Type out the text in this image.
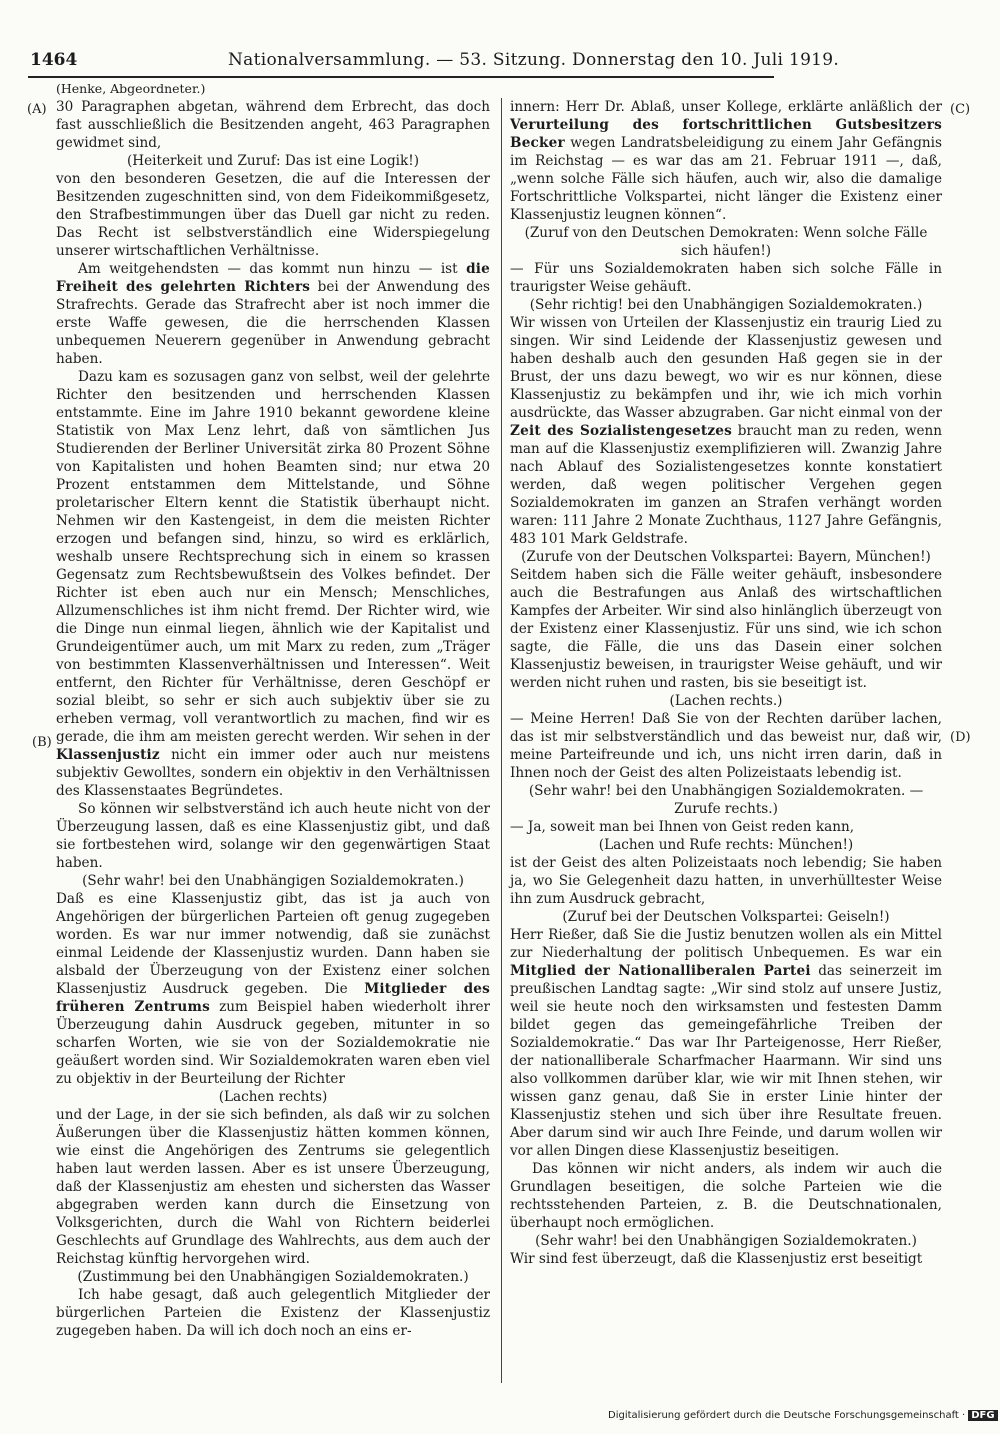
1464	Nationalversammlung. — 53. Sitzung. Donnerstag den 10. Juli 1919.
(A)
(B)
(C)
(D)

(Henke, Abgeordneter.)

30 Paragraphen abgetan, während dem Erbrecht, das doch fast ausschließlich die Besitzenden angeht, 463 Paragraphen gewidmet sind,

(Heiterkeit und Zuruf: Das ist eine Logik!)

von den besonderen Gesetzen, die auf die Interessen der Besitzenden zugeschnitten sind, von dem Fideikommißgesetz, den Strafbestimmungen über das Duell gar nicht zu reden. Das Recht ist selbstverständlich eine Widerspiegelung unserer wirtschaftlichen Verhältnisse.

Am weitgehendsten — das kommt nun hinzu — ist die Freiheit des gelehrten Richters bei der Anwendung des Strafrechts. Gerade das Strafrecht aber ist noch immer die erste Waffe gewesen, die die herrschenden Klassen unbequemen Neuerern gegenüber in Anwendung gebracht haben.

Dazu kam es sozusagen ganz von selbst, weil der gelehrte Richter den besitzenden und herrschenden Klassen entstammte. Eine im Jahre 1910 bekannt gewordene kleine Statistik von Max Lenz lehrt, daß von sämtlichen Jus Studierenden der Berliner Universität zirka 80 Prozent Söhne von Kapitalisten und hohen Beamten sind; nur etwa 20 Prozent entstammen dem Mittelstande, und Söhne proletarischer Eltern kennt die Statistik überhaupt nicht. Nehmen wir den Kastengeist, in dem die meisten Richter erzogen und befangen sind, hinzu, so wird es erklärlich, weshalb unsere Rechtsprechung sich in einem so krassen Gegensatz zum Rechtsbewußtsein des Volkes befindet. Der Richter ist eben auch nur ein Mensch; Menschliches, Allzumenschliches ist ihm nicht fremd. Der Richter wird, wie die Dinge nun einmal liegen, ähnlich wie der Kapitalist und Grundeigentümer auch, um mit Marx zu reden, zum „Träger von bestimmten Klassenverhältnissen und Interessen“. Weit entfernt, den Richter für Verhältnisse, deren Geschöpf er sozial bleibt, so sehr er sich auch subjektiv über sie zu erheben vermag, voll verantwortlich zu machen, find wir es gerade, die ihm am meisten gerecht werden. Wir sehen in der Klassenjustiz nicht ein immer oder auch nur meistens subjektiv Gewolltes, sondern ein objektiv in den Verhältnissen des Klassenstaates Begründetes.

So können wir selbstverständ ich auch heute nicht von der Überzeugung lassen, daß es eine Klassenjustiz gibt, und daß sie fortbestehen wird, solange wir den gegenwärtigen Staat haben.

(Sehr wahr! bei den Unabhängigen Sozialdemokraten.)

Daß es eine Klassenjustiz gibt, das ist ja auch von Angehörigen der bürgerlichen Parteien oft genug zugegeben worden. Es war nur immer notwendig, daß sie zunächst einmal Leidende der Klassenjustiz wurden. Dann haben sie alsbald der Überzeugung von der Existenz einer solchen Klassenjustiz Ausdruck gegeben. Die Mitglieder des früheren Zentrums zum Beispiel haben wiederholt ihrer Überzeugung dahin Ausdruck gegeben, mitunter in so scharfen Worten, wie sie von der Sozialdemokratie nie geäußert worden sind. Wir Sozialdemokraten waren eben viel zu objektiv in der Beurteilung der Richter

(Lachen rechts)

und der Lage, in der sie sich befinden, als daß wir zu solchen Äußerungen über die Klassenjustiz hätten kommen können, wie einst die Angehörigen des Zentrums sie gelegentlich haben laut werden lassen. Aber es ist unsere Überzeugung, daß der Klassenjustiz am ehesten und sichersten das Wasser abgegraben werden kann durch die Einsetzung von Volksgerichten, durch die Wahl von Richtern beiderlei Geschlechts auf Grundlage des Wahlrechts, aus dem auch der Reichstag künftig hervorgehen wird.

(Zustimmung bei den Unabhängigen Sozialdemokraten.)

Ich habe gesagt, daß auch gelegentlich Mitglieder der bürgerlichen Parteien die Existenz der Klassenjustiz zugegeben haben. Da will ich doch noch an eins er-

innern: Herr Dr. Ablaß, unser Kollege, erklärte anläßlich der Verurteilung des fortschrittlichen Gutsbesitzers Becker wegen Landratsbeleidigung zu einem Jahr Gefängnis im Reichstag — es war das am 21. Februar 1911 —, daß, „wenn solche Fälle sich häufen, auch wir, also die damalige Fortschrittliche Volkspartei, nicht länger die Existenz einer Klassenjustiz leugnen können“.

(Zuruf von den Deutschen Demokraten: Wenn solche Fälle sich häufen!)

— Für uns Sozialdemokraten haben sich solche Fälle in traurigster Weise gehäuft.

(Sehr richtig! bei den Unabhängigen Sozialdemokraten.)

Wir wissen von Urteilen der Klassenjustiz ein traurig Lied zu singen. Wir sind Leidende der Klassenjustiz gewesen und haben deshalb auch den gesunden Haß gegen sie in der Brust, der uns dazu bewegt, wo wir es nur können, diese Klassenjustiz zu bekämpfen und ihr, wie ich mich vorhin ausdrückte, das Wasser abzugraben. Gar nicht einmal von der Zeit des Sozialistengesetzes braucht man zu reden, wenn man auf die Klassenjustiz exemplifizieren will. Zwanzig Jahre nach Ablauf des Sozialistengesetzes konnte konstatiert werden, daß wegen politischer Vergehen gegen Sozialdemokraten im ganzen an Strafen verhängt worden waren: 111 Jahre 2 Monate Zuchthaus, 1127 Jahre Gefängnis, 483 101 Mark Geldstrafe.

(Zurufe von der Deutschen Volkspartei: Bayern, München!)

Seitdem haben sich die Fälle weiter gehäuft, insbesondere auch die Bestrafungen aus Anlaß des wirtschaftlichen Kampfes der Arbeiter. Wir sind also hinlänglich überzeugt von der Existenz einer Klassenjustiz. Für uns sind, wie ich schon sagte, die Fälle, die uns das Dasein einer solchen Klassenjustiz beweisen, in traurigster Weise gehäuft, und wir werden nicht ruhen und rasten, bis sie beseitigt ist.

(Lachen rechts.)

— Meine Herren! Daß Sie von der Rechten darüber lachen, das ist mir selbstverständlich und das beweist nur, daß wir, meine Parteifreunde und ich, uns nicht irren darin, daß in Ihnen noch der Geist des alten Polizeistaats lebendig ist.

(Sehr wahr! bei den Unabhängigen Sozialdemokraten. — Zurufe rechts.)

— Ja, soweit man bei Ihnen von Geist reden kann,

(Lachen und Rufe rechts: München!)

ist der Geist des alten Polizeistaats noch lebendig; Sie haben ja, wo Sie Gelegenheit dazu hatten, in unverhülltester Weise ihn zum Ausdruck gebracht,

(Zuruf bei der Deutschen Volkspartei: Geiseln!)

Herr Rießer, daß Sie die Justiz benutzen wollen als ein Mittel zur Niederhaltung der politisch Unbequemen. Es war ein Mitglied der Nationalliberalen Partei das seinerzeit im preußischen Landtag sagte: „Wir sind stolz auf unsere Justiz, weil sie heute noch den wirksamsten und festesten Damm bildet gegen das gemeingefährliche Treiben der Sozialdemokratie.“ Das war Ihr Parteigenosse, Herr Rießer, der nationalliberale Scharfmacher Haarmann. Wir sind uns also vollkommen darüber klar, wie wir mit Ihnen stehen, wir wissen ganz genau, daß Sie in erster Linie hinter der Klassenjustiz stehen und sich über ihre Resultate freuen. Aber darum sind wir auch Ihre Feinde, und darum wollen wir vor allen Dingen diese Klassenjustiz beseitigen.

Das können wir nicht anders, als indem wir auch die Grundlagen beseitigen, die solche Parteien wie die rechtsstehenden Parteien, z. B. die Deutschnationalen, überhaupt noch ermöglichen.

(Sehr wahr! bei den Unabhängigen Sozialdemokraten.)

Wir sind fest überzeugt, daß die Klassenjustiz erst beseitigt

Digitalisierung gefördert durch die Deutsche Forschungsgemeinschaft · DFG
